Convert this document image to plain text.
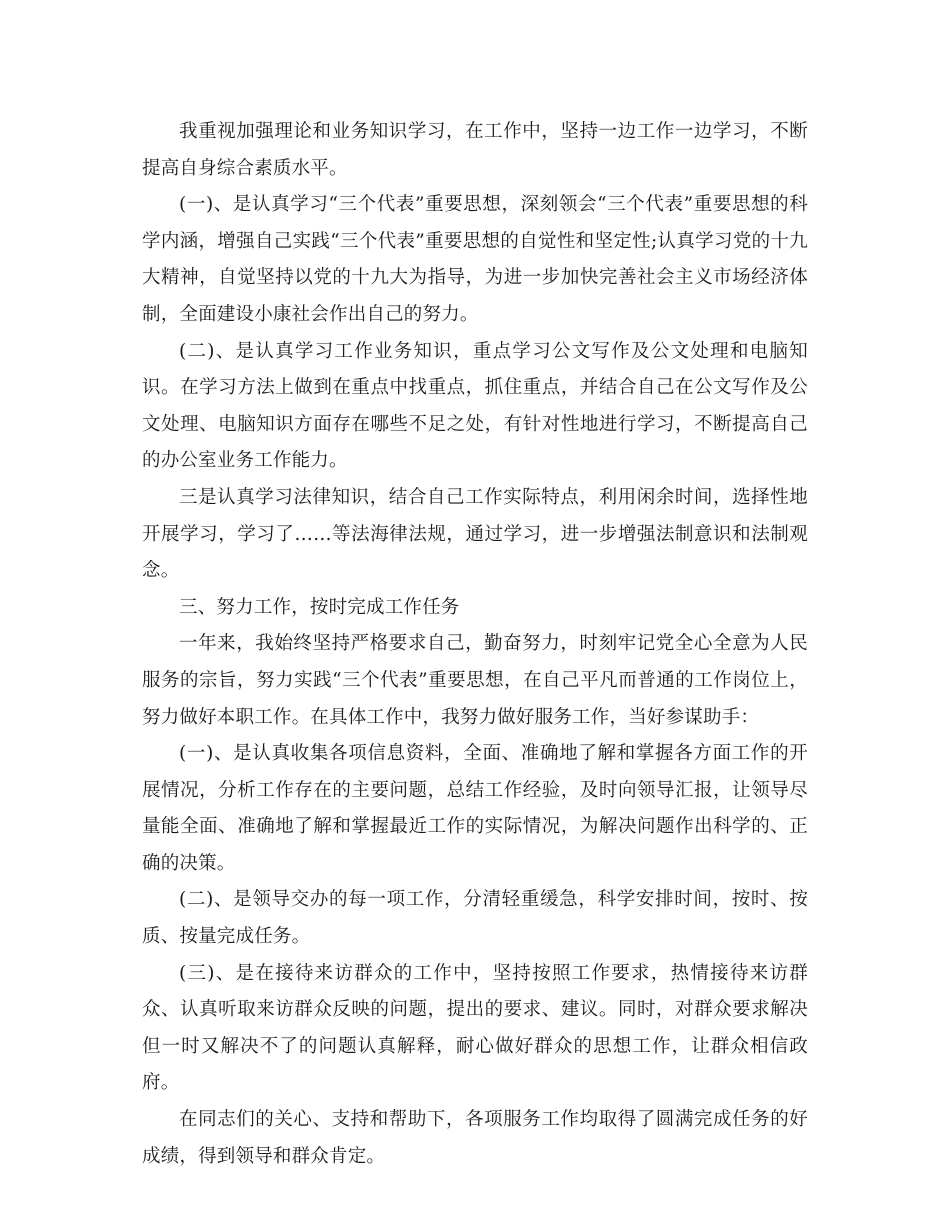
我重视加强理论和业务知识学习，在工作中，坚持一边工作一边学习，不断提高自身综合素质水平。

(一)、是认真学习“三个代表”重要思想，深刻领会“三个代表”重要思想的科学内涵，增强自己实践“三个代表”重要思想的自觉性和坚定性;认真学习党的十九大精神，自觉坚持以党的十九大为指导，为进一步加快完善社会主义市场经济体制，全面建设小康社会作出自己的努力。

(二)、是认真学习工作业务知识，重点学习公文写作及公文处理和电脑知识。在学习方法上做到在重点中找重点，抓住重点，并结合自己在公文写作及公文处理、电脑知识方面存在哪些不足之处，有针对性地进行学习，不断提高自己的办公室业务工作能力。

三是认真学习法律知识，结合自己工作实际特点，利用闲余时间，选择性地开展学习，学习了……等法海律法规，通过学习，进一步增强法制意识和法制观念。

三、努力工作，按时完成工作任务

一年来，我始终坚持严格要求自己，勤奋努力，时刻牢记党全心全意为人民服务的宗旨，努力实践“三个代表”重要思想，在自己平凡而普通的工作岗位上，努力做好本职工作。在具体工作中，我努力做好服务工作，当好参谋助手：

(一)、是认真收集各项信息资料，全面、准确地了解和掌握各方面工作的开展情况，分析工作存在的主要问题，总结工作经验，及时向领导汇报，让领导尽量能全面、准确地了解和掌握最近工作的实际情况，为解决问题作出科学的、正确的决策。

(二)、是领导交办的每一项工作，分清轻重缓急，科学安排时间，按时、按质、按量完成任务。

(三)、是在接待来访群众的工作中，坚持按照工作要求，热情接待来访群众、认真听取来访群众反映的问题，提出的要求、建议。同时，对群众要求解决但一时又解决不了的问题认真解释，耐心做好群众的思想工作，让群众相信政府。

在同志们的关心、支持和帮助下，各项服务工作均取得了圆满完成任务的好成绩，得到领导和群众肯定。
